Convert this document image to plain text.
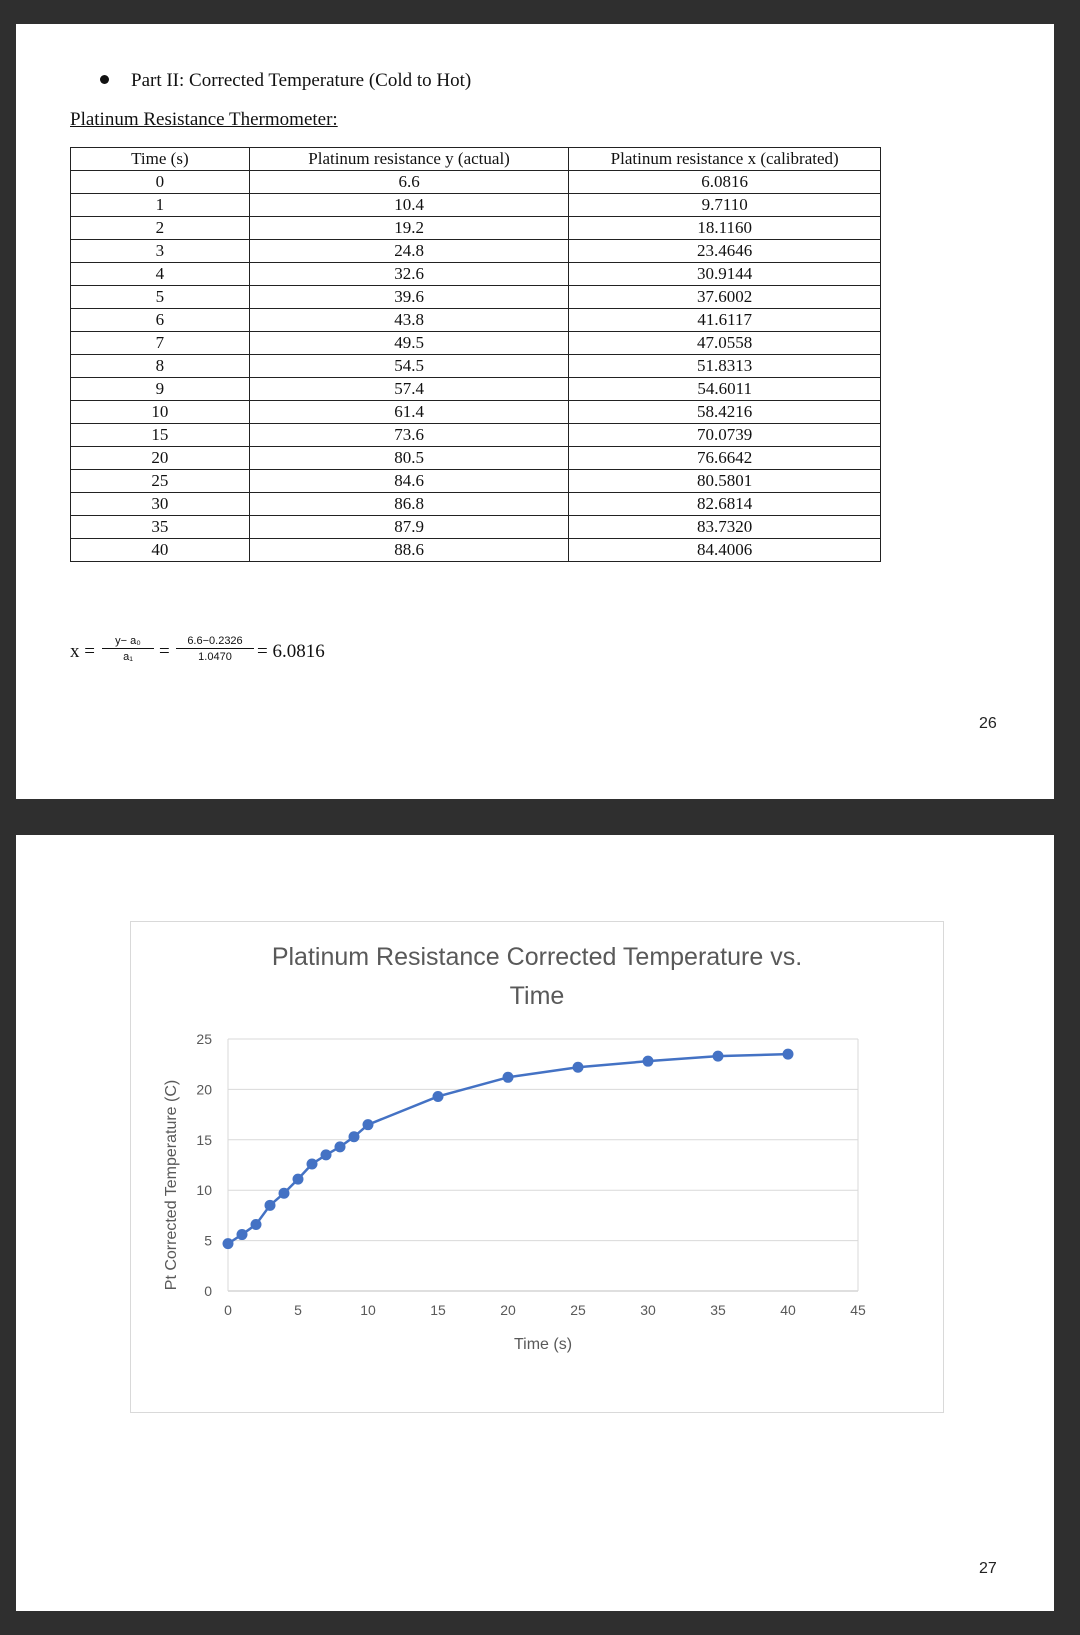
Part II: Corrected Temperature (Cold to Hot)
Platinum Resistance Thermometer:
Time (s)	Platinum resistance y (actual)	Platinum resistance x (calibrated)
0	6.6	6.0816
1	10.4	9.7110
2	19.2	18.1160
3	24.8	23.4646
4	32.6	30.9144
5	39.6	37.6002
6	43.8	41.6117
7	49.5	47.0558
8	54.5	51.8313
9	57.4	54.6011
10	61.4	58.4216
15	73.6	70.0739
20	80.5	76.6642
25	84.6	80.5801
30	86.8	82.6814
35	87.9	83.7320
40	88.6	84.4006
$x = \frac{\text{y− a₀}}{\text{a₁}} = \frac{6.6-0.2326}{1.0470} = 6.0816$
26
Platinum Resistance Corrected Temperature vs.
Time
0
5
10
15
20
25
0	5	10	15	20	25	30	35	40	45
Time (s)
Pt Corrected Temperature (C)
27
